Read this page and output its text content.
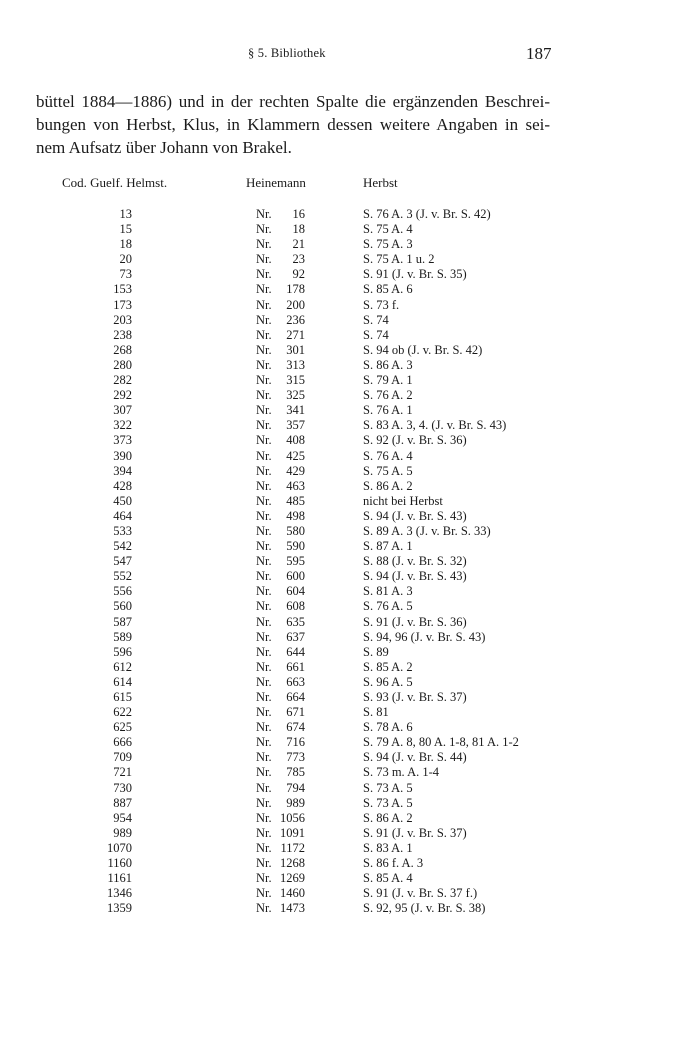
§ 5. Bibliothek	187
büttel 1884—1886) und in der rechten Spalte die ergänzenden Beschrei-
bungen von Herbst, Klus, in Klammern dessen weitere Angaben in sei-
nem Aufsatz über Johann von Brakel.
Cod. Guelf. Helmst.	Heinemann	Herbst
13	Nr.	16	S. 76 A. 3 (J. v. Br. S. 42)
15	Nr.	18	S. 75 A. 4
18	Nr.	21	S. 75 A. 3
20	Nr.	23	S. 75 A. 1 u. 2
73	Nr.	92	S. 91 (J. v. Br. S. 35)
153	Nr.	178	S. 85 A. 6
173	Nr.	200	S. 73 f.
203	Nr.	236	S. 74
238	Nr.	271	S. 74
268	Nr.	301	S. 94 ob (J. v. Br. S. 42)
280	Nr.	313	S. 86 A. 3
282	Nr.	315	S. 79 A. 1
292	Nr.	325	S. 76 A. 2
307	Nr.	341	S. 76 A. 1
322	Nr.	357	S. 83 A. 3, 4. (J. v. Br. S. 43)
373	Nr.	408	S. 92 (J. v. Br. S. 36)
390	Nr.	425	S. 76 A. 4
394	Nr.	429	S. 75 A. 5
428	Nr.	463	S. 86 A. 2
450	Nr.	485	nicht bei Herbst
464	Nr.	498	S. 94 (J. v. Br. S. 43)
533	Nr.	580	S. 89 A. 3 (J. v. Br. S. 33)
542	Nr.	590	S. 87 A. 1
547	Nr.	595	S. 88 (J. v. Br. S. 32)
552	Nr.	600	S. 94 (J. v. Br. S. 43)
556	Nr.	604	S. 81 A. 3
560	Nr.	608	S. 76 A. 5
587	Nr.	635	S. 91 (J. v. Br. S. 36)
589	Nr.	637	S. 94, 96 (J. v. Br. S. 43)
596	Nr.	644	S. 89
612	Nr.	661	S. 85 A. 2
614	Nr.	663	S. 96 A. 5
615	Nr.	664	S. 93 (J. v. Br. S. 37)
622	Nr.	671	S. 81
625	Nr.	674	S. 78 A. 6
666	Nr.	716	S. 79 A. 8, 80 A. 1-8, 81 A. 1-2
709	Nr.	773	S. 94 (J. v. Br. S. 44)
721	Nr.	785	S. 73 m. A. 1-4
730	Nr.	794	S. 73 A. 5
887	Nr.	989	S. 73 A. 5
954	Nr. 1056	S. 86 A. 2
989	Nr. 1091	S. 91 (J. v. Br. S. 37)
1070	Nr. 1172	S. 83 A. 1
1160	Nr. 1268	S. 86 f. A. 3
1161	Nr. 1269	S. 85 A. 4
1346	Nr. 1460	S. 91 (J. v. Br. S. 37 f.)
1359	Nr. 1473	S. 92, 95 (J. v. Br. S. 38)
